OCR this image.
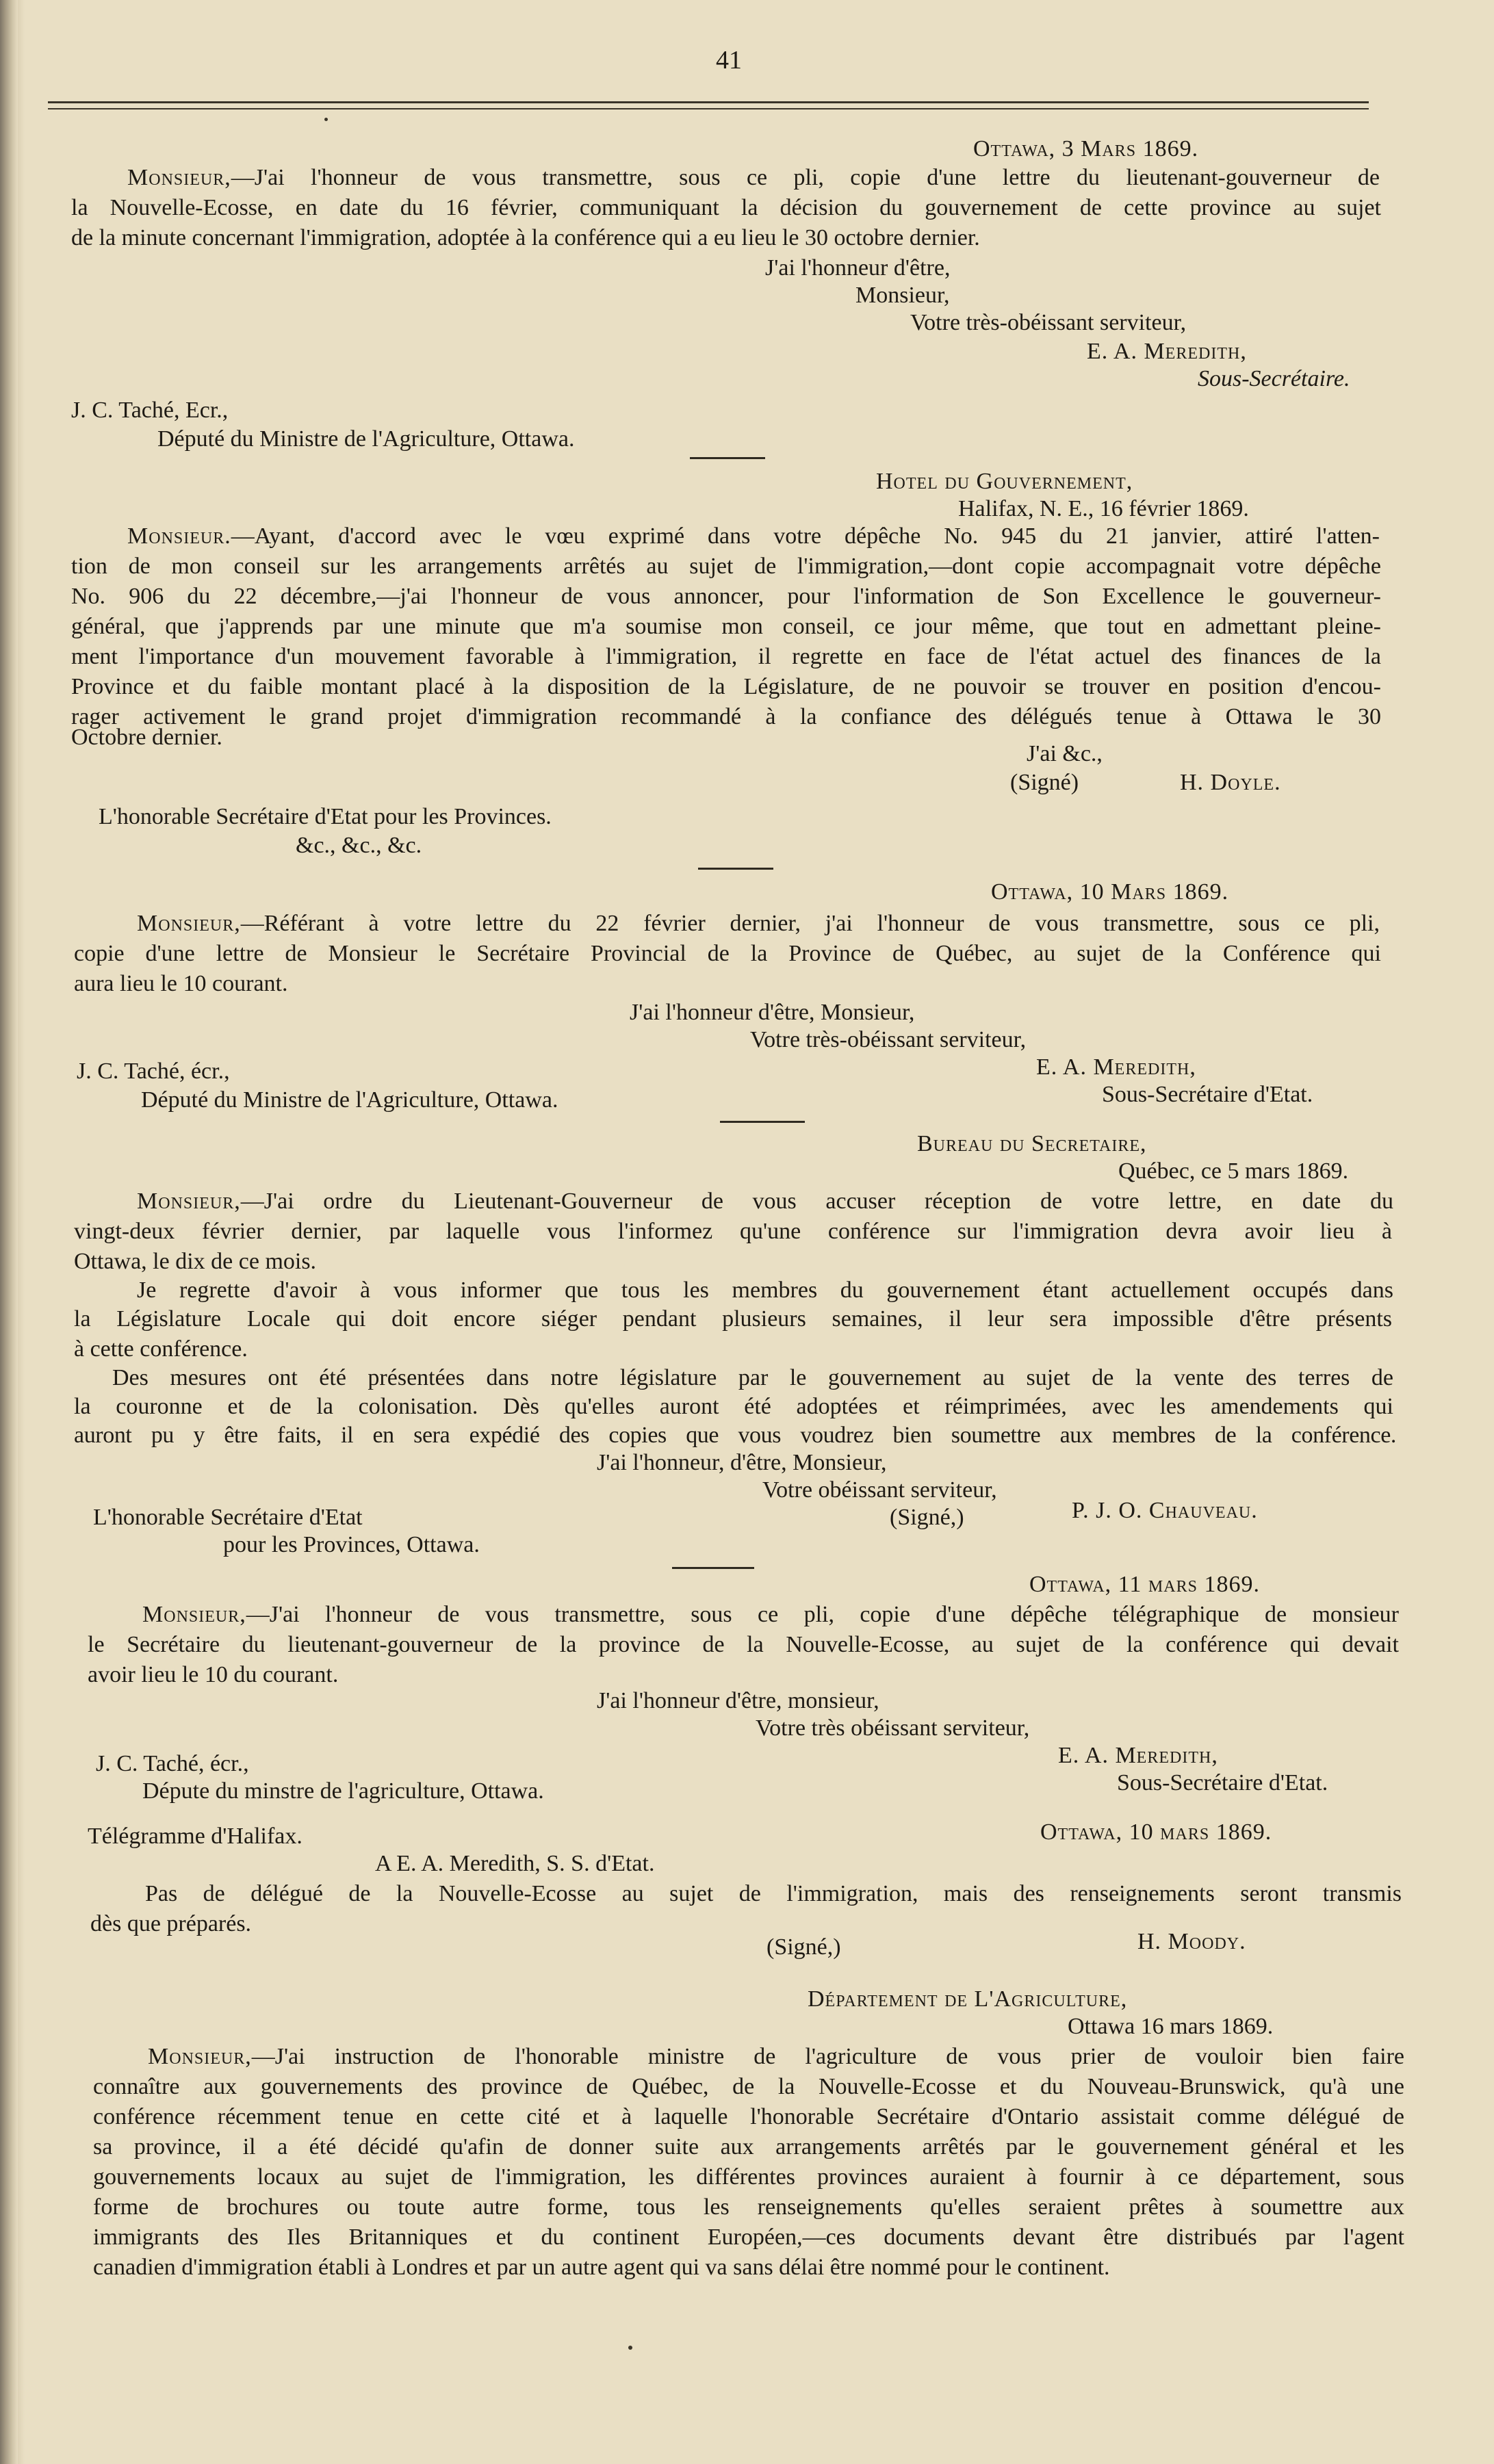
41
Ottawa, 3 Mars 1869.
Monsieur,—J'ai l'honneur de vous transmettre, sous ce pli, copie d'une lettre du lieutenant-gouverneur de
la Nouvelle-Ecosse, en date du 16 février, communiquant la décision du gouvernement de cette province au sujet
de la minute concernant l'immigration, adoptée à la conférence qui a eu lieu le 30 octobre dernier.
J'ai l'honneur d'être,
Monsieur,
Votre très-obéissant serviteur,
E. A. Meredith,
Sous-Secrétaire.
J. C. Taché, Ecr.,
Député du Ministre de l'Agriculture, Ottawa.
Hotel du Gouvernement,
Halifax, N. E., 16 février 1869.
Monsieur.—Ayant, d'accord avec le vœu exprimé dans votre dépêche No. 945 du 21 janvier, attiré l'atten-
tion de mon conseil sur les arrangements arrêtés au sujet de l'immigration,—dont copie accompagnait votre dépêche
No. 906 du 22 décembre,—j'ai l'honneur de vous annoncer, pour l'information de Son Excellence le gouverneur-
général, que j'apprends par une minute que m'a soumise mon conseil, ce jour même, que tout en admettant pleine-
ment l'importance d'un mouvement favorable à l'immigration, il regrette en face de l'état actuel des finances de la
Province et du faible montant placé à la disposition de la Législature, de ne pouvoir se trouver en position d'encou-
rager activement le grand projet d'immigration recommandé à la confiance des délégués tenue à Ottawa le 30
Octobre dernier.
J'ai &c.,
(Signé)	H. Doyle.
L'honorable Secrétaire d'Etat pour les Provinces.
&c., &c., &c.
Ottawa, 10 Mars 1869.
Monsieur,—Référant à votre lettre du 22 février dernier, j'ai l'honneur de vous transmettre, sous ce pli,
copie d'une lettre de Monsieur le Secrétaire Provincial de la Province de Québec, au sujet de la Conférence qui
aura lieu le 10 courant.
J'ai l'honneur d'être, Monsieur,
Votre très-obéissant serviteur,
E. A. Meredith,
J. C. Taché, écr.,
Sous-Secrétaire d'Etat.
Député du Ministre de l'Agriculture, Ottawa.
Bureau du Secretaire,
Québec, ce 5 mars 1869.
Monsieur,—J'ai ordre du Lieutenant-Gouverneur de vous accuser réception de votre lettre, en date du
vingt-deux février dernier, par laquelle vous l'informez qu'une conférence sur l'immigration devra avoir lieu à
Ottawa, le dix de ce mois.
Je regrette d'avoir à vous informer que tous les membres du gouvernement étant actuellement occupés dans
la Législature Locale qui doit encore siéger pendant plusieurs semaines, il leur sera impossible d'être présents
à cette conférence.
Des mesures ont été présentées dans notre législature par le gouvernement au sujet de la vente des terres de
la couronne et de la colonisation. Dès qu'elles auront été adoptées et réimprimées, avec les amendements qui
auront pu y être faits, il en sera expédié des copies que vous voudrez bien soumettre aux membres de la conférence.
J'ai l'honneur, d'être, Monsieur,
Votre obéissant serviteur,
L'honorable Secrétaire d'Etat	(Signé,)	P. J. O. Chauveau.
pour les Provinces, Ottawa.
Ottawa, 11 mars 1869.
Monsieur,—J'ai l'honneur de vous transmettre, sous ce pli, copie d'une dépêche télégraphique de monsieur
le Secrétaire du lieutenant-gouverneur de la province de la Nouvelle-Ecosse, au sujet de la conférence qui devait
avoir lieu le 10 du courant.
J'ai l'honneur d'être, monsieur,
Votre très obéissant serviteur,
E. A. Meredith,
J. C. Taché, écr.,
Sous-Secrétaire d'Etat.
Députe du minstre de l'agriculture, Ottawa.
Télégramme d'Halifax.	Ottawa, 10 mars 1869.
A E. A. Meredith, S. S. d'Etat.
Pas de délégué de la Nouvelle-Ecosse au sujet de l'immigration, mais des renseignements seront transmis
dès que préparés.
(Signé,)	H. Moody.
Département de L'Agriculture,
Ottawa 16 mars 1869.
Monsieur,—J'ai instruction de l'honorable ministre de l'agriculture de vous prier de vouloir bien faire
connaître aux gouvernements des province de Québec, de la Nouvelle-Ecosse et du Nouveau-Brunswick, qu'à une
conférence récemment tenue en cette cité et à laquelle l'honorable Secrétaire d'Ontario assistait comme délégué de
sa province, il a été décidé qu'afin de donner suite aux arrangements arrêtés par le gouvernement général et les
gouvernements locaux au sujet de l'immigration, les différentes provinces auraient à fournir à ce département, sous
forme de brochures ou toute autre forme, tous les renseignements qu'elles seraient prêtes à soumettre aux
immigrants des Iles Britanniques et du continent Européen,—ces documents devant être distribués par l'agent
canadien d'immigration établi à Londres et par un autre agent qui va sans délai être nommé pour le continent.
